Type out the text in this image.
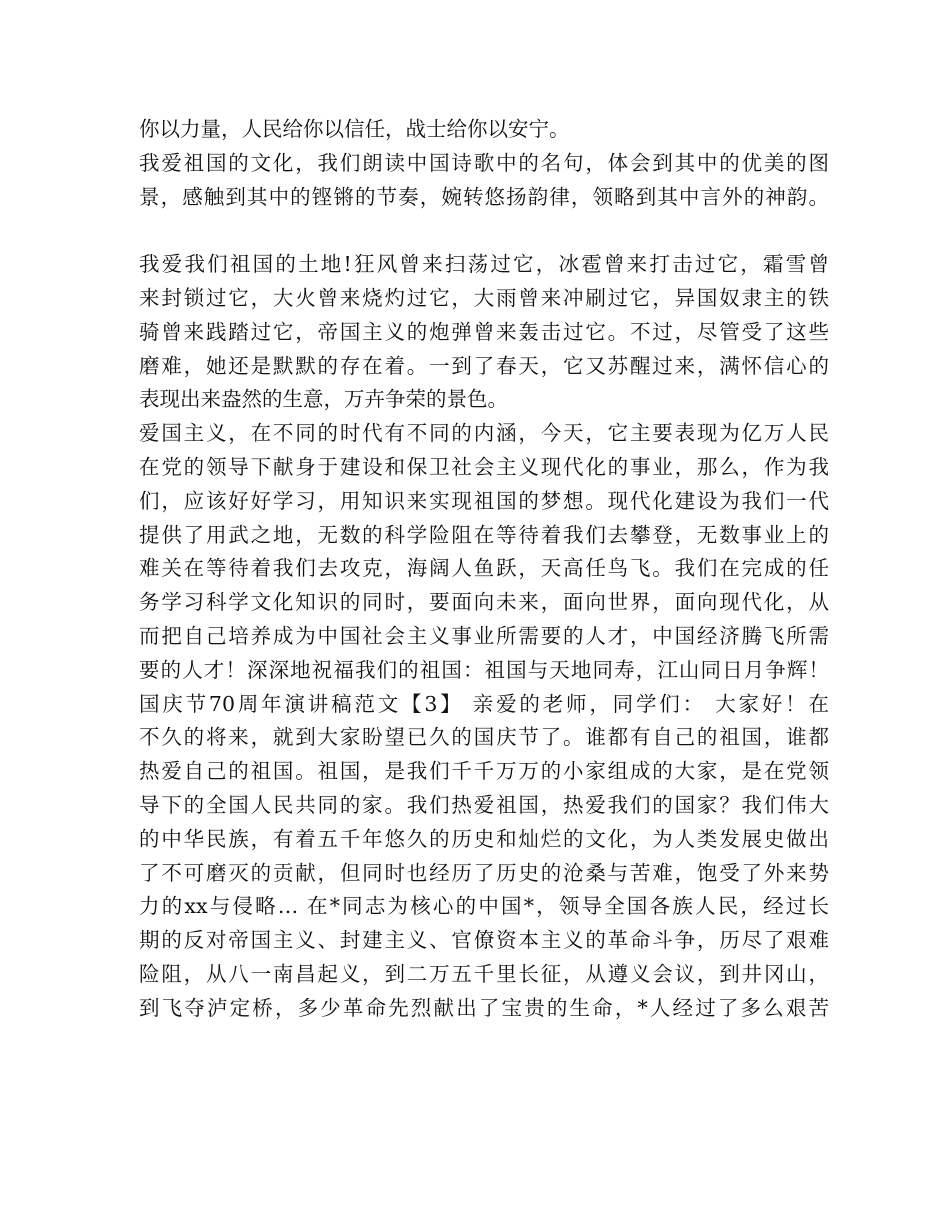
你以力量，人民给你以信任，战士给你以安宁。
我爱祖国的文化，我们朗读中国诗歌中的名句，体会到其中的优美的图
景，感触到其中的铿锵的节奏，婉转悠扬韵律，领略到其中言外的神韵。
我爱我们祖国的土地!狂风曾来扫荡过它，冰雹曾来打击过它，霜雪曾
来封锁过它，大火曾来烧灼过它，大雨曾来冲刷过它，异国奴隶主的铁
骑曾来践踏过它，帝国主义的炮弹曾来轰击过它。不过，尽管受了这些
磨难，她还是默默的存在着。一到了春天，它又苏醒过来，满怀信心的
表现出来盎然的生意，万卉争荣的景色。
爱国主义，在不同的时代有不同的内涵，今天，它主要表现为亿万人民
在党的领导下献身于建设和保卫社会主义现代化的事业，那么，作为我
们，应该好好学习，用知识来实现祖国的梦想。现代化建设为我们一代
提供了用武之地，无数的科学险阻在等待着我们去攀登，无数事业上的
难关在等待着我们去攻克，海阔人鱼跃，天高任鸟飞。我们在完成的任
务学习科学文化知识的同时，要面向未来，面向世界，面向现代化，从
而把自己培养成为中国社会主义事业所需要的人才，中国经济腾飞所需
要的人才！深深地祝福我们的祖国：祖国与天地同寿，江山同日月争辉！
国庆节70周年演讲稿范文【3】 亲爱的老师，同学们： 大家好！在
不久的将来，就到大家盼望已久的国庆节了。谁都有自己的祖国，谁都
热爱自己的祖国。祖国，是我们千千万万的小家组成的大家，是在党领
导下的全国人民共同的家。我们热爱祖国，热爱我们的国家？我们伟大
的中华民族，有着五千年悠久的历史和灿烂的文化，为人类发展史做出
了不可磨灭的贡献，但同时也经历了历史的沧桑与苦难，饱受了外来势
力的xx与侵略… 在*同志为核心的中国*，领导全国各族人民，经过长
期的反对帝国主义、封建主义、官僚资本主义的革命斗争，历尽了艰难
险阻，从八一南昌起义，到二万五千里长征，从遵义会议，到井冈山，
到飞夺泸定桥，多少革命先烈献出了宝贵的生命，*人经过了多么艰苦
